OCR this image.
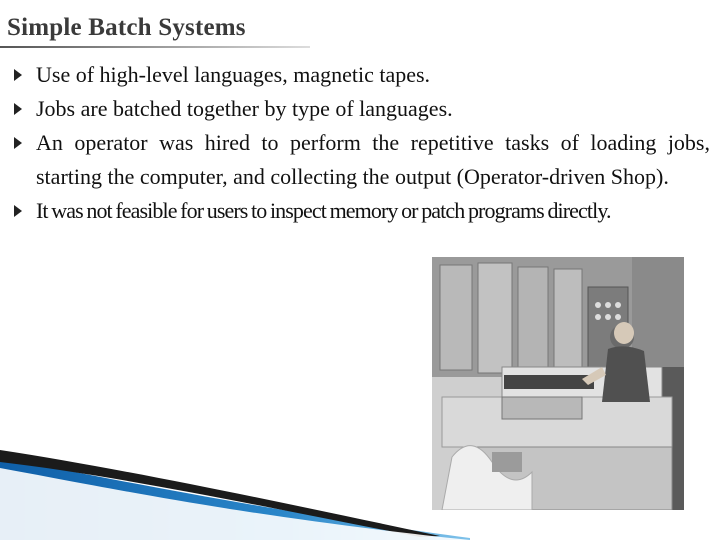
Simple Batch Systems
Use of high-level languages, magnetic tapes.
Jobs are batched together by type of languages.
An operator was hired to perform the repetitive tasks of loading jobs, starting the computer, and collecting the output (Operator-driven Shop).
It was not feasible for users to inspect memory or patch programs directly.
